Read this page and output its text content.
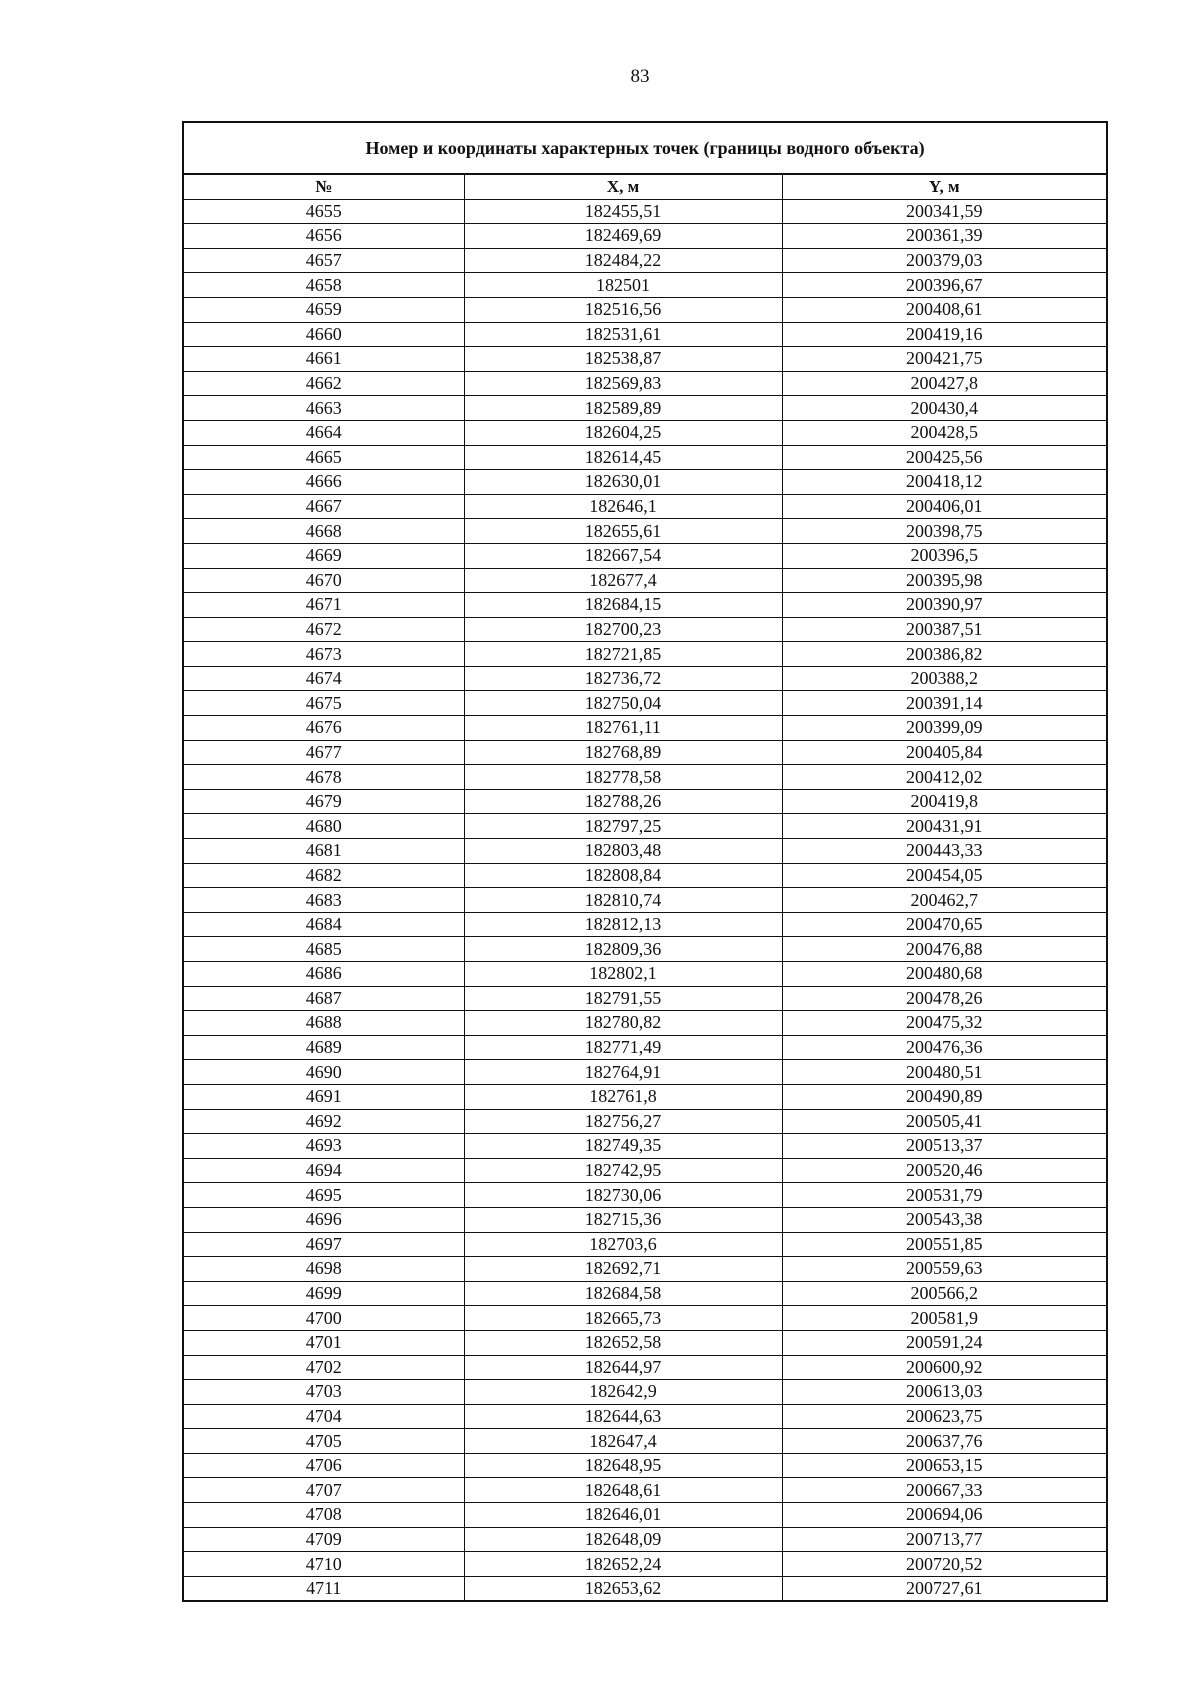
83
Номер и координаты характерных точек (границы водного объекта)
№	X, м	Y, м
4655	182455,51	200341,59
4656	182469,69	200361,39
4657	182484,22	200379,03
4658	182501	200396,67
4659	182516,56	200408,61
4660	182531,61	200419,16
4661	182538,87	200421,75
4662	182569,83	200427,8
4663	182589,89	200430,4
4664	182604,25	200428,5
4665	182614,45	200425,56
4666	182630,01	200418,12
4667	182646,1	200406,01
4668	182655,61	200398,75
4669	182667,54	200396,5
4670	182677,4	200395,98
4671	182684,15	200390,97
4672	182700,23	200387,51
4673	182721,85	200386,82
4674	182736,72	200388,2
4675	182750,04	200391,14
4676	182761,11	200399,09
4677	182768,89	200405,84
4678	182778,58	200412,02
4679	182788,26	200419,8
4680	182797,25	200431,91
4681	182803,48	200443,33
4682	182808,84	200454,05
4683	182810,74	200462,7
4684	182812,13	200470,65
4685	182809,36	200476,88
4686	182802,1	200480,68
4687	182791,55	200478,26
4688	182780,82	200475,32
4689	182771,49	200476,36
4690	182764,91	200480,51
4691	182761,8	200490,89
4692	182756,27	200505,41
4693	182749,35	200513,37
4694	182742,95	200520,46
4695	182730,06	200531,79
4696	182715,36	200543,38
4697	182703,6	200551,85
4698	182692,71	200559,63
4699	182684,58	200566,2
4700	182665,73	200581,9
4701	182652,58	200591,24
4702	182644,97	200600,92
4703	182642,9	200613,03
4704	182644,63	200623,75
4705	182647,4	200637,76
4706	182648,95	200653,15
4707	182648,61	200667,33
4708	182646,01	200694,06
4709	182648,09	200713,77
4710	182652,24	200720,52
4711	182653,62	200727,61
